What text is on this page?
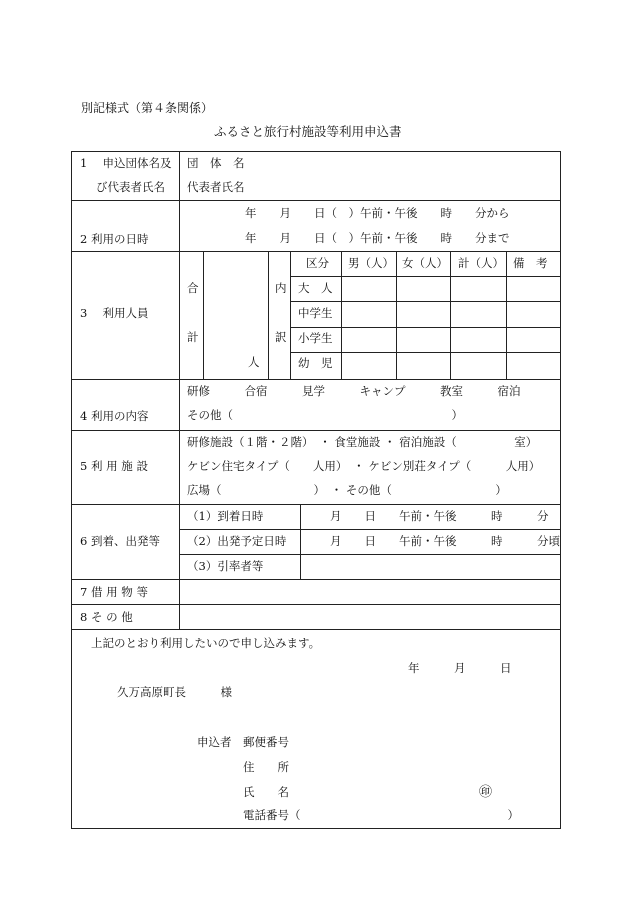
別記様式（第４条関係）
ふるさと旅行村施設等利用申込書
1　 申込団体名及
び代表者氏名
団　体　名
代表者氏名
2 利用の日時
年　　月　　日（　）午前・午後　　時　　分から
年　　月　　日（　）午前・午後　　時　　分まで
3　 利用人員
合
計
人
内
訳
区分 男（人） 女（人） 計（人） 備　考
大　人
中学生
小学生
幼　児
4 利用の内容
研修　　　合宿　　　見学　　　キャンプ　　　教室　　　宿泊
その他（　　　　　　　　　　　　　　　　　　　）
5 利 用 施 設
研修施設（１階・２階）　・ 食堂施設 ・ 宿泊施設（　　　　　室）
ケビン住宅タイプ（　　人用）　・ ケビン別荘タイプ（　　　人用）
広場（　　　　　　　　）　・ その他（　　　　　　　　　）
6 到着、出発等
（1）到着日時
（2）出発予定日時
（3）引率者等
月　　日　　午前・午後　　　時　　　分
月　　日　　午前・午後　　　時　　　分頃
7 借 用 物 等
8 そ の 他
上記のとおり利用したいので申し込みます。
年　　　月　　　日
久万高原町長　　　様
申込者 郵便番号
住　　所
氏　　名	㊞
電話番号（　　　　　　　　　　　　　　　　　　）
